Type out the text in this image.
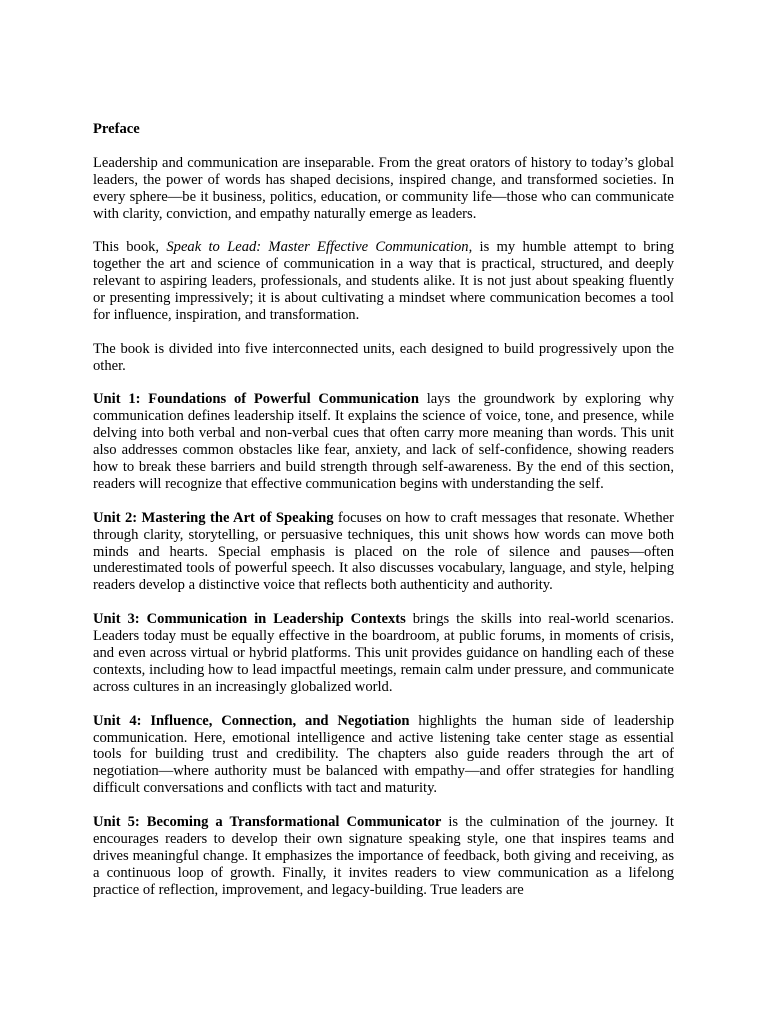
Preface

Leadership and communication are inseparable. From the great orators of history to today’s global leaders, the power of words has shaped decisions, inspired change, and transformed societies. In every sphere—be it business, politics, education, or community life—those who can communicate with clarity, conviction, and empathy naturally emerge as leaders.

This book, Speak to Lead: Master Effective Communication, is my humble attempt to bring together the art and science of communication in a way that is practical, structured, and deeply relevant to aspiring leaders, professionals, and students alike. It is not just about speaking fluently or presenting impressively; it is about cultivating a mindset where communication becomes a tool for influence, inspiration, and transformation.

The book is divided into five interconnected units, each designed to build progressively upon the other.

Unit 1: Foundations of Powerful Communication lays the groundwork by exploring why communication defines leadership itself. It explains the science of voice, tone, and presence, while delving into both verbal and non-verbal cues that often carry more meaning than words. This unit also addresses common obstacles like fear, anxiety, and lack of self-confidence, showing readers how to break these barriers and build strength through self-awareness. By the end of this section, readers will recognize that effective communication begins with understanding the self.

Unit 2: Mastering the Art of Speaking focuses on how to craft messages that resonate. Whether through clarity, storytelling, or persuasive techniques, this unit shows how words can move both minds and hearts. Special emphasis is placed on the role of silence and pauses—often underestimated tools of powerful speech. It also discusses vocabulary, language, and style, helping readers develop a distinctive voice that reflects both authenticity and authority.

Unit 3: Communication in Leadership Contexts brings the skills into real-world scenarios. Leaders today must be equally effective in the boardroom, at public forums, in moments of crisis, and even across virtual or hybrid platforms. This unit provides guidance on handling each of these contexts, including how to lead impactful meetings, remain calm under pressure, and communicate across cultures in an increasingly globalized world.

Unit 4: Influence, Connection, and Negotiation highlights the human side of leadership communication. Here, emotional intelligence and active listening take center stage as essential tools for building trust and credibility. The chapters also guide readers through the art of negotiation—where authority must be balanced with empathy—and offer strategies for handling difficult conversations and conflicts with tact and maturity.

Unit 5: Becoming a Transformational Communicator is the culmination of the journey. It encourages readers to develop their own signature speaking style, one that inspires teams and drives meaningful change. It emphasizes the importance of feedback, both giving and receiving, as a continuous loop of growth. Finally, it invites readers to view communication as a lifelong practice of reflection, improvement, and legacy-building. True leaders are
